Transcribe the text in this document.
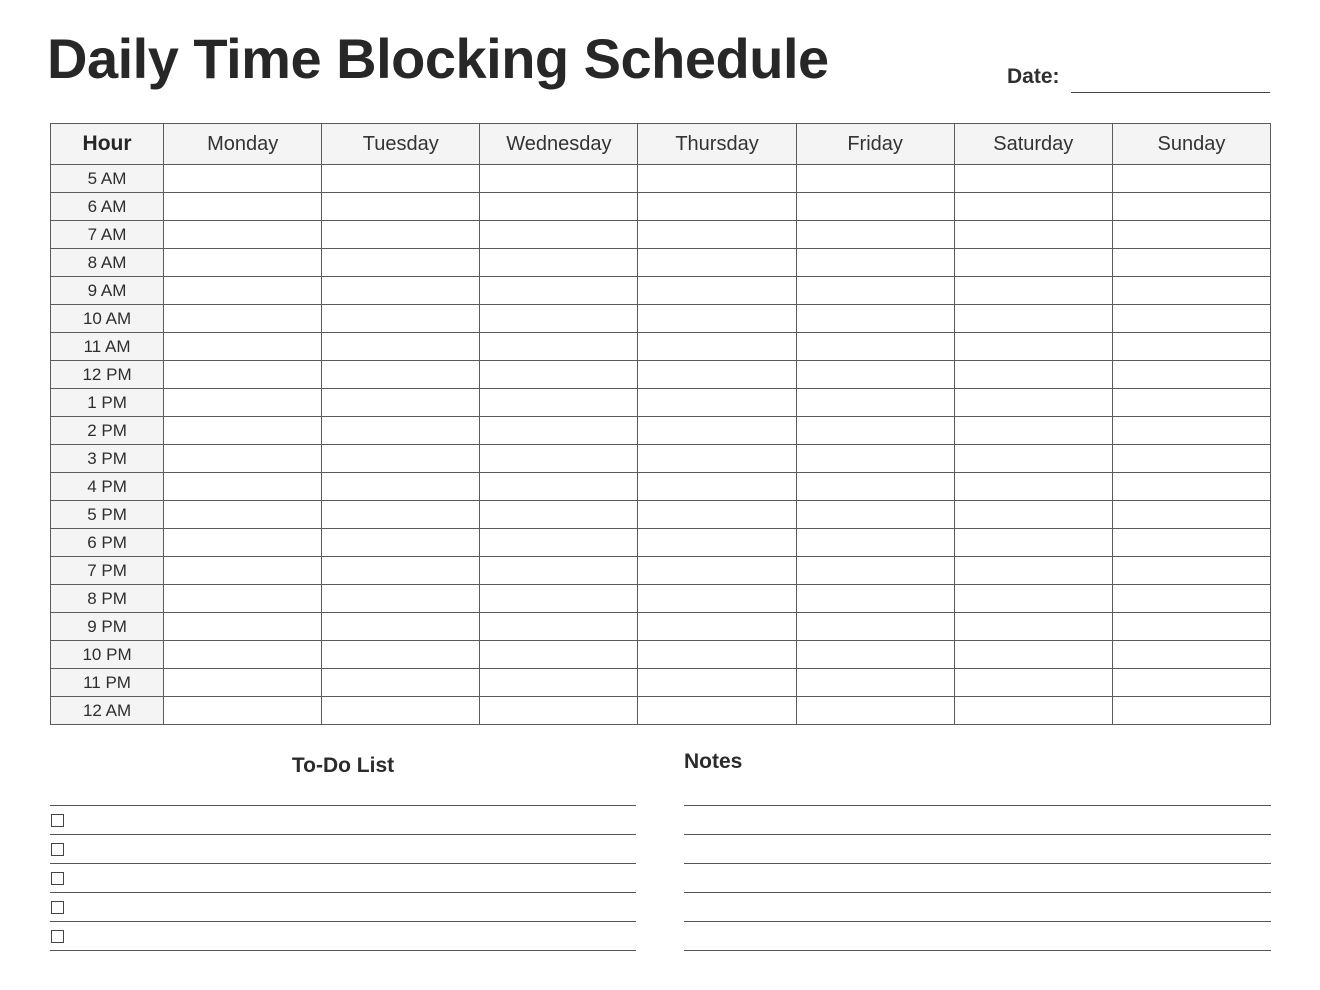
Daily Time Blocking Schedule	Date:
Hour	Monday	Tuesday	Wednesday	Thursday	Friday	Saturday	Sunday
5 AM							
6 AM							
7 AM							
8 AM							
9 AM							
10 AM							
11 AM							
12 PM							
1 PM							
2 PM							
3 PM							
4 PM							
5 PM							
6 PM							
7 PM							
8 PM							
9 PM							
10 PM							
11 PM							
12 AM							
To-Do List	Notes
